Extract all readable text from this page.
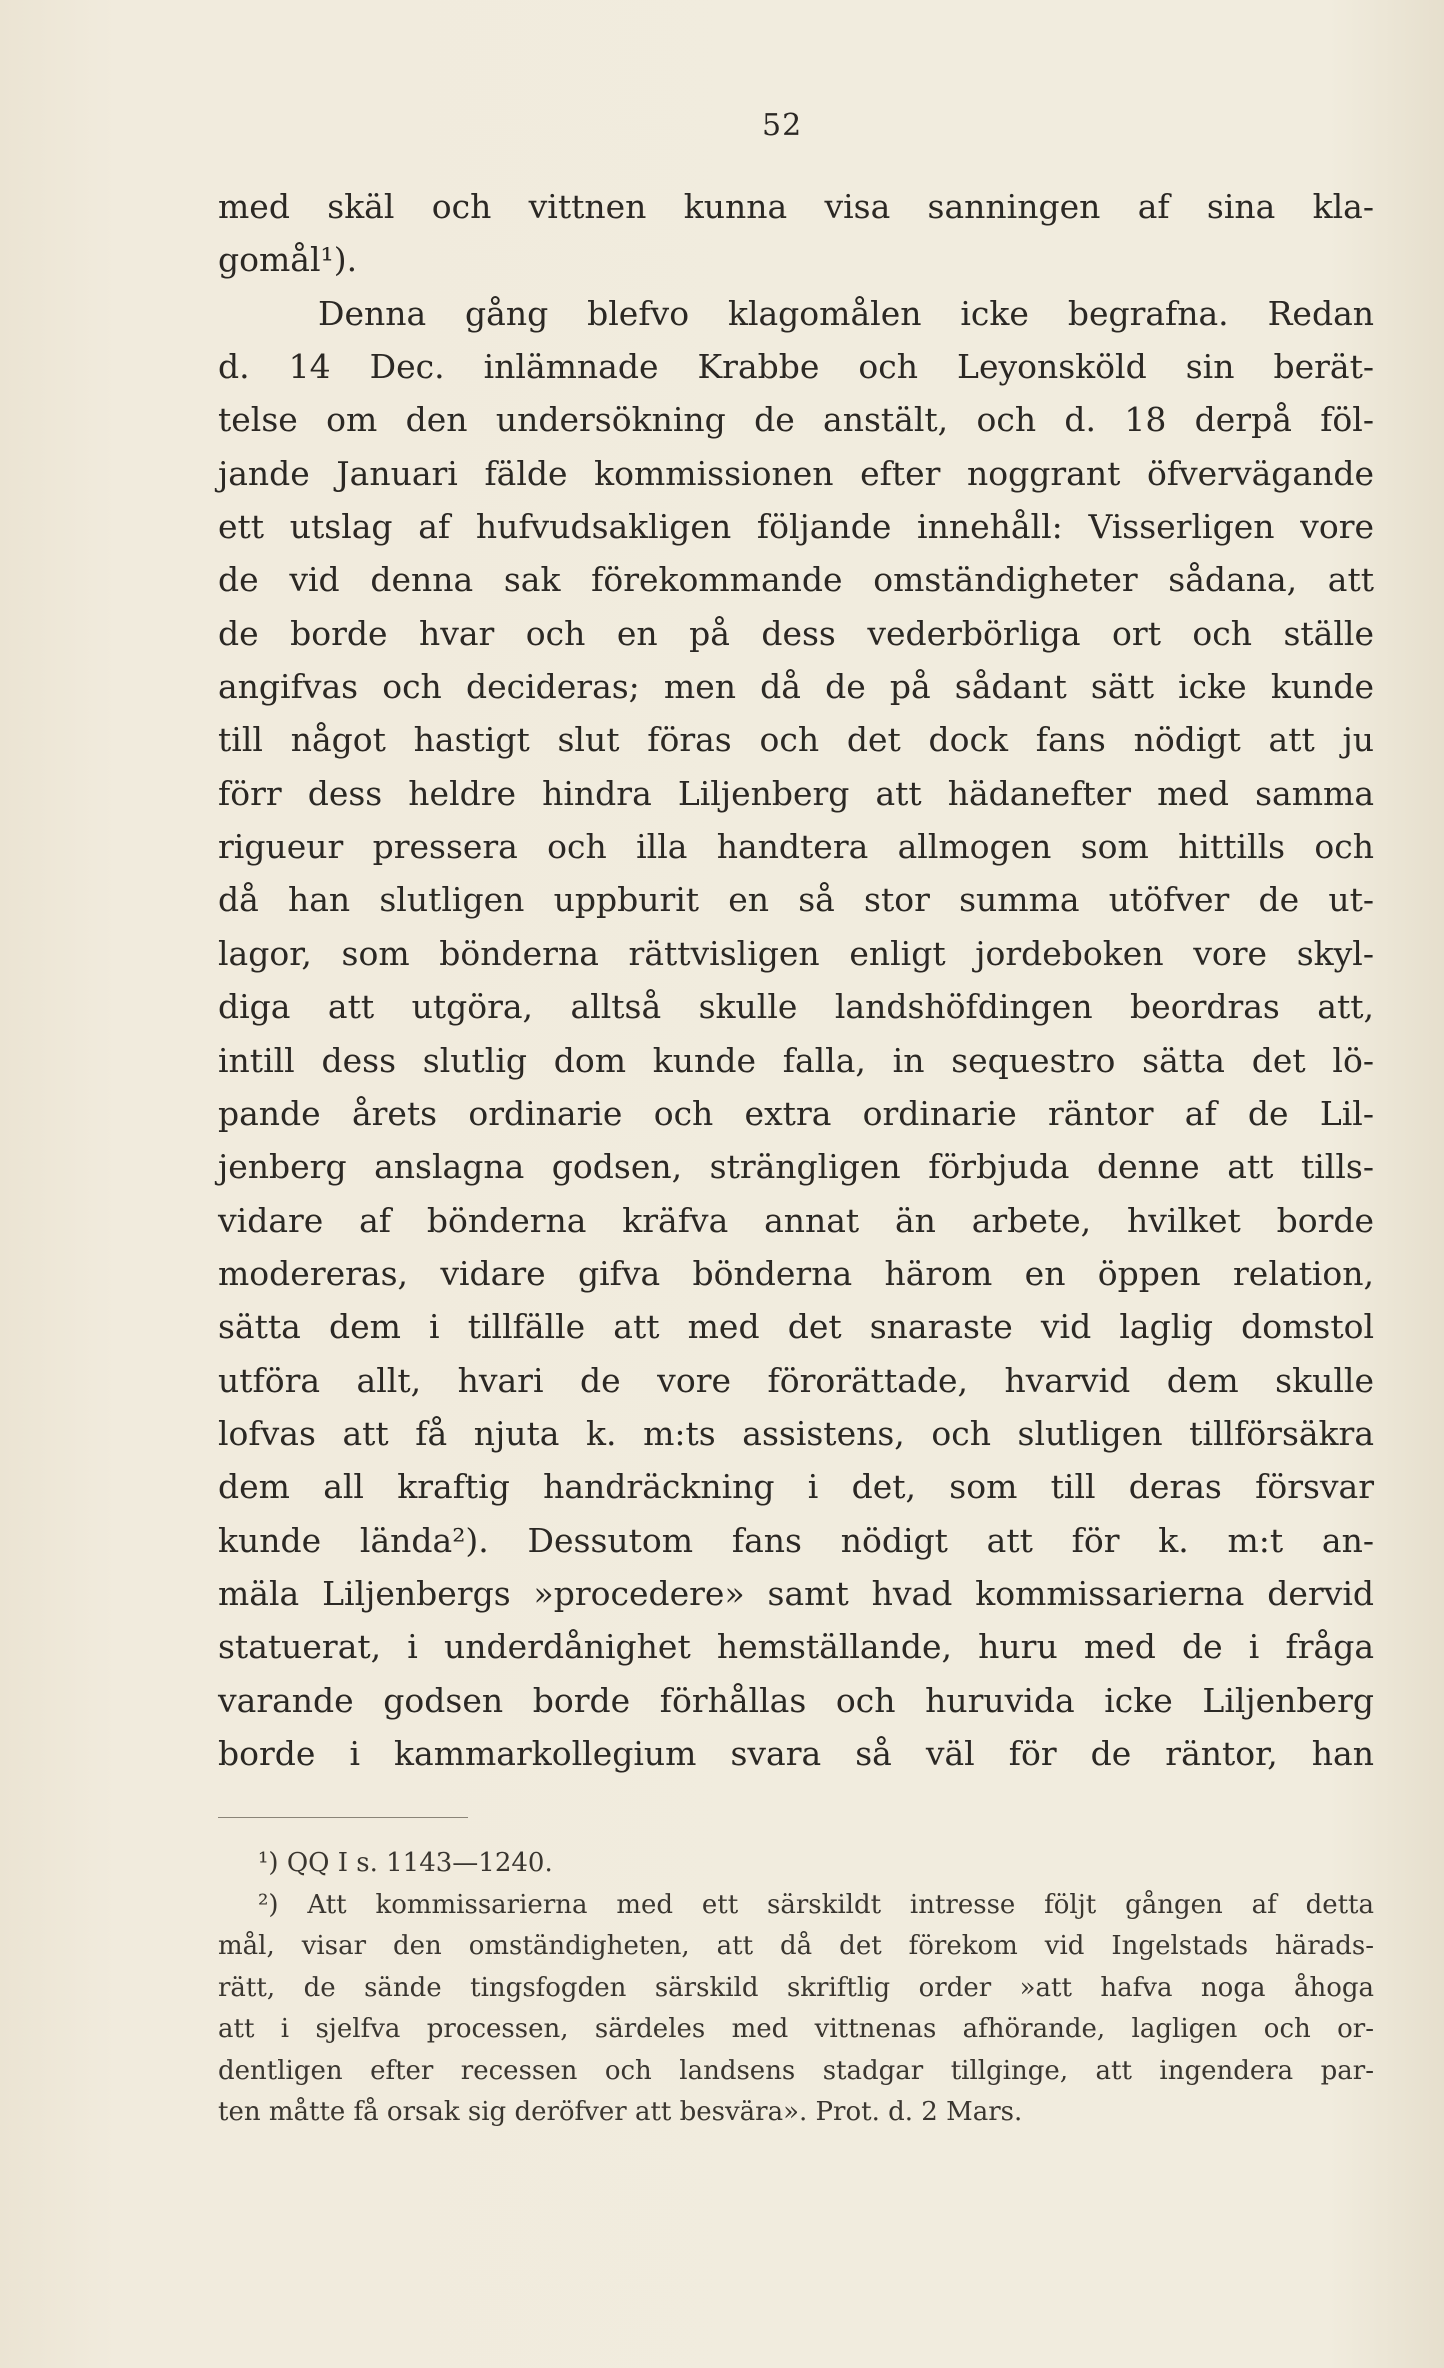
52
med skäl och vittnen kunna visa sanningen af sina kla-
gomål¹).
Denna gång blefvo klagomålen icke begrafna. Redan
d. 14 Dec. inlämnade Krabbe och Leyonsköld sin berät-
telse om den undersökning de anstält, och d. 18 derpå föl-
jande Januari fälde kommissionen efter noggrant öfvervägande
ett utslag af hufvudsakligen följande innehåll: Visserligen vore
de vid denna sak förekommande omständigheter sådana, att
de borde hvar och en på dess vederbörliga ort och ställe
angifvas och decideras; men då de på sådant sätt icke kunde
till något hastigt slut föras och det dock fans nödigt att ju
förr dess heldre hindra Liljenberg att hädanefter med samma
rigueur pressera och illa handtera allmogen som hittills och
då han slutligen uppburit en så stor summa utöfver de ut-
lagor, som bönderna rättvisligen enligt jordeboken vore skyl-
diga att utgöra, alltså skulle landshöfdingen beordras att,
intill dess slutlig dom kunde falla, in sequestro sätta det lö-
pande årets ordinarie och extra ordinarie räntor af de Lil-
jenberg anslagna godsen, strängligen förbjuda denne att tills-
vidare af bönderna kräfva annat än arbete, hvilket borde
modereras, vidare gifva bönderna härom en öppen relation,
sätta dem i tillfälle att med det snaraste vid laglig domstol
utföra allt, hvari de vore förorättade, hvarvid dem skulle
lofvas att få njuta k. m:ts assistens, och slutligen tillförsäkra
dem all kraftig handräckning i det, som till deras försvar
kunde lända²). Dessutom fans nödigt att för k. m:t an-
mäla Liljenbergs »procedere» samt hvad kommissarierna dervid
statuerat, i underdånighet hemställande, huru med de i fråga
varande godsen borde förhållas och huruvida icke Liljenberg
borde i kammarkollegium svara så väl för de räntor, han
¹) QQ I s. 1143—1240.
²) Att kommissarierna med ett särskildt intresse följt gången af detta
mål, visar den omständigheten, att då det förekom vid Ingelstads härads-
rätt, de sände tingsfogden särskild skriftlig order »att hafva noga åhoga
att i sjelfva processen, särdeles med vittnenas afhörande, lagligen och or-
dentligen efter recessen och landsens stadgar tillginge, att ingendera par-
ten måtte få orsak sig deröfver att besvära». Prot. d. 2 Mars.
